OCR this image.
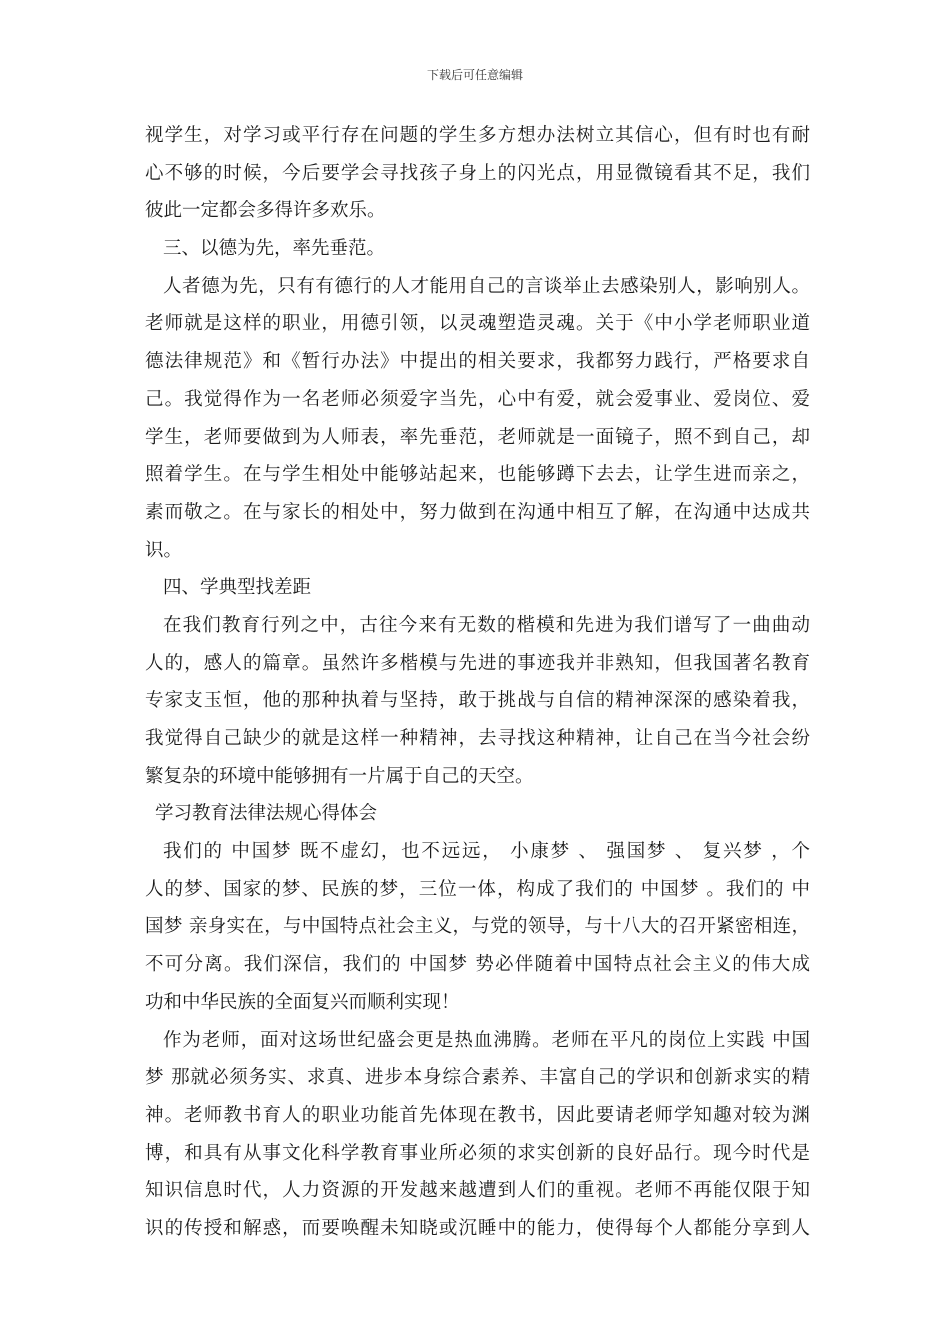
下载后可任意编辑
视学生，对学习或平行存在问题的学生多方想办法树立其信心，但有时也有耐
心不够的时候，今后要学会寻找孩子身上的闪光点，用显微镜看其不足，我们
彼此一定都会多得许多欢乐。
三、以德为先，率先垂范。
人者德为先，只有有德行的人才能用自己的言谈举止去感染别人，影响别人。
老师就是这样的职业，用德引领，以灵魂塑造灵魂。关于《中小学老师职业道
德法律规范》和《暂行办法》中提出的相关要求，我都努力践行，严格要求自
己。我觉得作为一名老师必须爱字当先，心中有爱，就会爱事业、爱岗位、爱
学生，老师要做到为人师表，率先垂范，老师就是一面镜子，照不到自己，却
照着学生。在与学生相处中能够站起来，也能够蹲下去去，让学生进而亲之，
素而敬之。在与家长的相处中，努力做到在沟通中相互了解，在沟通中达成共
识。
四、学典型找差距
在我们教育行列之中，古往今来有无数的楷模和先进为我们谱写了一曲曲动
人的，感人的篇章。虽然许多楷模与先进的事迹我并非熟知，但我国著名教育
专家支玉恒，他的那种执着与坚持，敢于挑战与自信的精神深深的感染着我，
我觉得自己缺少的就是这样一种精神，去寻找这种精神，让自己在当今社会纷
繁复杂的环境中能够拥有一片属于自己的天空。
学习教育法律法规心得体会
我们的 中国梦 既不虚幻，也不远远， 小康梦 、 强国梦 、 复兴梦 ，个
人的梦、国家的梦、民族的梦，三位一体，构成了我们的 中国梦 。我们的 中
国梦 亲身实在，与中国特点社会主义，与党的领导，与十八大的召开紧密相连，
不可分离。我们深信，我们的 中国梦 势必伴随着中国特点社会主义的伟大成
功和中华民族的全面复兴而顺利实现！
作为老师，面对这场世纪盛会更是热血沸腾。老师在平凡的岗位上实践 中国
梦 那就必须务实、求真、进步本身综合素养、丰富自己的学识和创新求实的精
神。老师教书育人的职业功能首先体现在教书，因此要请老师学知趣对较为渊
博，和具有从事文化科学教育事业所必须的求实创新的良好品行。现今时代是
知识信息时代，人力资源的开发越来越遭到人们的重视。老师不再能仅限于知
识的传授和解惑，而要唤醒未知晓或沉睡中的能力，使得每个人都能分享到人
